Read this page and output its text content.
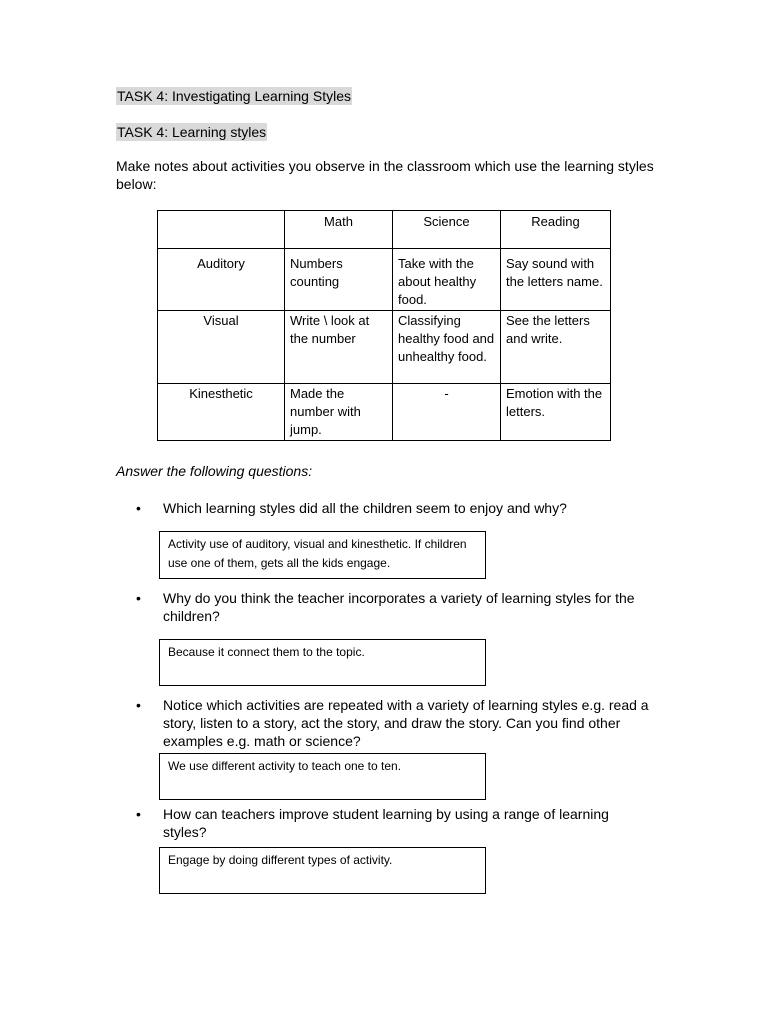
TASK 4: Investigating Learning Styles
TASK 4: Learning styles
Make notes about activities you observe in the classroom which use the learning styles below:
	Math	Science	Reading
Auditory	Numbers counting	Take with the about healthy food.	Say sound with the letters name.
Visual	Write \ look at the number	Classifying healthy food and unhealthy food.	See the letters and write.
Kinesthetic	Made the number with jump.	-	Emotion with the letters.
Answer the following questions:
• Which learning styles did all the children seem to enjoy and why?
Activity use of auditory, visual and kinesthetic. If children use one of them, gets all the kids engage.
• Why do you think the teacher incorporates a variety of learning styles for the children?
Because it connect them to the topic.
• Notice which activities are repeated with a variety of learning styles e.g. read a story, listen to a story, act the story, and draw the story. Can you find other examples e.g. math or science?
We use different activity to teach one to ten.
• How can teachers improve student learning by using a range of learning styles?
Engage by doing different types of activity.
